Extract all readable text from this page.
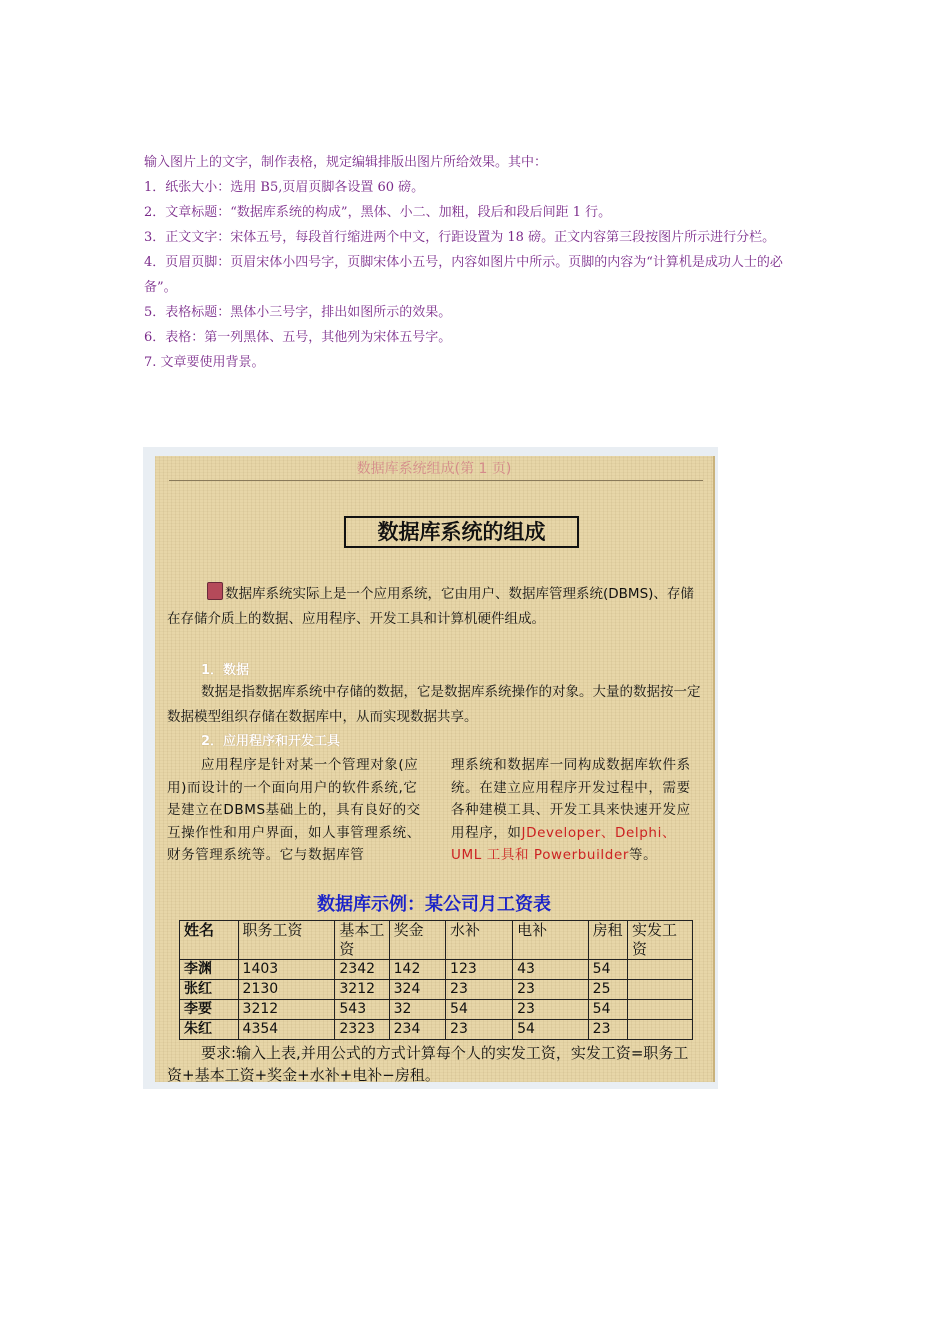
输入图片上的文字，制作表格，规定编辑排版出图片所给效果。其中：

1．纸张大小：选用 B5,页眉页脚各设置 60 磅。

2．文章标题：“数据库系统的构成”，黑体、小二、加粗，段后和段后间距 1 行。

3．正文文字：宋体五号，每段首行缩进两个中文，行距设置为 18 磅。正文内容第三段按图片所示进行分栏。

4．页眉页脚：页眉宋体小四号字，页脚宋体小五号，内容如图片中所示。页脚的内容为“计算机是成功人士的必备”。

5．表格标题：黑体小三号字，排出如图所示的效果。

6．表格：第一列黑体、五号，其他列为宋体五号字。

7. 文章要使用背景。

数据库系统组成(第 1 页)
数据库系统的组成
数据库系统实际上是一个应用系统，它由用户、数据库管理系统(DBMS)、存储在存储介质上的数据、应用程序、开发工具和计算机硬件组成。
1．数据
数据是指数据库系统中存储的数据，它是数据库系统操作的对象。大量的数据按一定数据模型组织存储在数据库中，从而实现数据共享。
2．应用程序和开发工具
应用程序是针对某一个管理对象(应用)而设计的一个面向用户的软件系统,它是建立在DBMS基础上的，具有良好的交互操作性和用户界面，如人事管理系统、财务管理系统等。它与数据库管
理系统和数据库一同构成数据库软件系统。在建立应用程序开发过程中，需要各种建模工具、开发工具来快速开发应用程序，如JDeveloper、Delphi、UML 工具和 Powerbuilder等。
数据库示例：某公司月工资表
姓名	职务工资	基本工资	奖金	水补	电补	房租	实发工资
李渊	1403	2342	142	123	43	54	
张红	2130	3212	324	23	23	25	
李要	3212	543	32	54	23	54	
朱红	4354	2323	234	23	54	23	
要求:输入上表,并用公式的方式计算每个人的实发工资，实发工资=职务工资+基本工资+奖金+水补+电补−房租。
